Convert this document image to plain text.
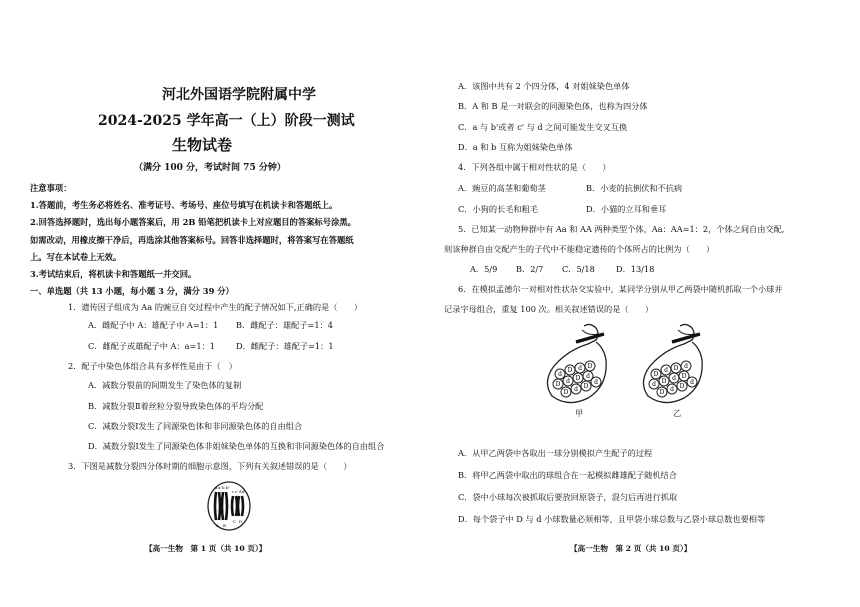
河北外国语学院附属中学
2024-2025 学年高一（上）阶段一测试
生物试卷
（满分 100 分，考试时间 75 分钟）
注意事项：
1.答题前，考生务必将姓名、准考证号、考场号、座位号填写在机读卡和答题纸上。
2.回答选择题时，选出每小题答案后，用 2B 铅笔把机读卡上对应题目的答案标号涂黑。
如需改动，用橡皮擦干净后，再选涂其他答案标号。回答非选择题时，将答案写在答题纸
上。写在本试卷上无效。
3.考试结束后，将机读卡和答题纸一并交回。
一、单选题（共 13 小题，每小题 3 分，满分 39 分）
1．遗传因子组成为 Aa 的豌豆自交过程中产生的配子情况如下,正确的是（　　）
A．雌配子中 A：雄配子中 A=1：1 B．雌配子：雄配子=1：4
C．雌配子或雄配子中 A：a=1：1	D．雌配子：雄配子=1：1
2．配子中染色体组合具有多样性是由于（　）
A．减数分裂前的间期发生了染色体的复制
B．减数分裂Ⅱ着丝粒分裂导致染色体的平均分配
C．减数分裂Ⅰ发生了同源染色体和非同源染色体的自由组合
D．减数分裂Ⅰ发生了同源染色体非姐妹染色单体的互换和非同源染色体的自由组合
3．下图是减数分裂四分体时期的细胞示意图，下列有关叙述错误的是（　　）
a a' b b'
c c' d d'
A B
C D
【高一生物　第 1 页（共 10 页）】
A．该图中共有 2 个四分体，4 对姐妹染色单体
B．A 和 B 是一对联会的同源染色体，也称为四分体
C．a 与 b'或者 c' 与 d 之间可能发生交叉互换
D．a 和 b 互称为姐妹染色单体
4．下列各组中属于相对性状的是（　　）
A．豌豆的高茎和葡萄茎	B．小麦的抗倒伏和不抗病
C．小狗的长毛和粗毛	D．小猫的立耳和垂耳
5．已知某一动物种群中有 Aa 和 AA 两种类型个体，Aa：AA=1：2，个体之间自由交配,
则该种群自由交配产生的子代中不能稳定遗传的个体所占的比例为（　　）
A．5/9 B．2/7 C．5/18	D．13/18
6．在模拟孟德尔一对相对性状杂交实验中，某同学分别从甲乙两袋中随机抓取一个小球并
记录字母组合，重复 100 次。相关叙述错误的是（　　）
d
D d D
D d D d
D d D
d
甲
D
d D d
d D d D
D d D
d
乙
A．从甲乙两袋中各取出一球分别模拟产生配子的过程
B．将甲乙两袋中取出的球组合在一起模拟雌雄配子随机结合
C．袋中小球每次被抓取后要放回原袋子，混匀后再进行抓取
D．每个袋子中 D 与 d 小球数量必须相等，且甲袋小球总数与乙袋小球总数也要相等
【高一生物　第 2 页（共 10 页）】
